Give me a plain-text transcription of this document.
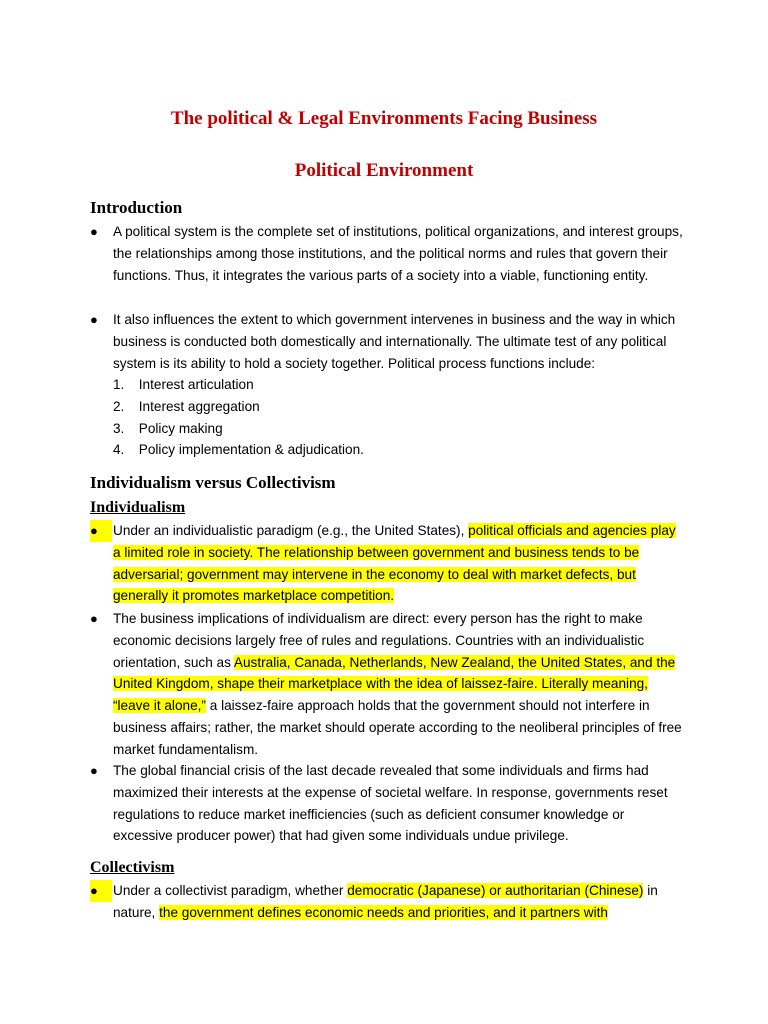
The political & Legal Environments Facing Business
Political Environment
Introduction
●	A political system is the complete set of institutions, political organizations, and interest groups, the relationships among those institutions, and the political norms and rules that govern their functions. Thus, it integrates the various parts of a society into a viable, functioning entity.
●	It also influences the extent to which government intervenes in business and the way in which business is conducted both domestically and internationally. The ultimate test of any political system is its ability to hold a society together. Political process functions include:
1. Interest articulation
2. Interest aggregation
3. Policy making
4. Policy implementation & adjudication.
Individualism versus Collectivism
Individualism
●	Under an individualistic paradigm (e.g., the United States), political officials and agencies play a limited role in society. The relationship between government and business tends to be adversarial; government may intervene in the economy to deal with market defects, but generally it promotes marketplace competition.
●	The business implications of individualism are direct: every person has the right to make economic decisions largely free of rules and regulations. Countries with an individualistic orientation, such as Australia, Canada, Netherlands, New Zealand, the United States, and the United Kingdom, shape their marketplace with the idea of laissez-faire. Literally meaning, “leave it alone,” a laissez-faire approach holds that the government should not interfere in business affairs; rather, the market should operate according to the neoliberal principles of free market fundamentalism.
●	The global financial crisis of the last decade revealed that some individuals and firms had maximized their interests at the expense of societal welfare. In response, governments reset regulations to reduce market inefficiencies (such as deficient consumer knowledge or excessive producer power) that had given some individuals undue privilege.
Collectivism
●	Under a collectivist paradigm, whether democratic (Japanese) or authoritarian (Chinese) in nature, the government defines economic needs and priorities, and it partners with
